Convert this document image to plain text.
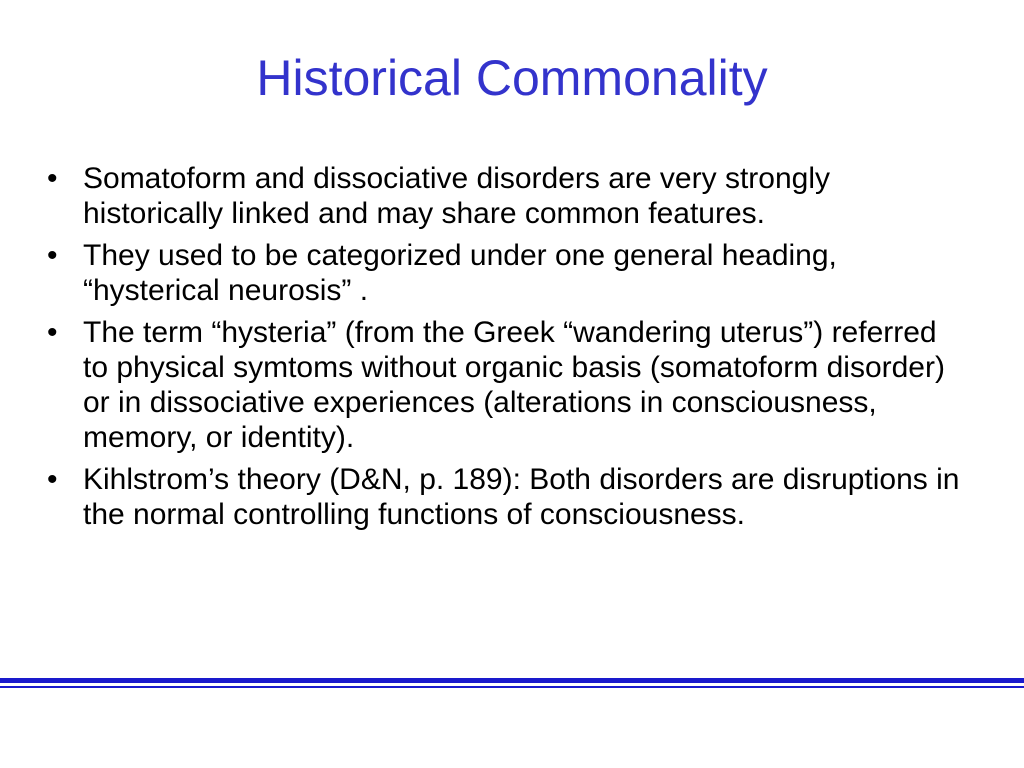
Historical Commonality
• Somatoform and dissociative disorders are very strongly historically linked and may share common features.
• They used to be categorized under one general heading, “hysterical neurosis” .
• The term “hysteria” (from the Greek “wandering uterus”) referred to physical symtoms without organic basis (somatoform disorder) or in dissociative experiences (alterations in consciousness, memory, or identity).
• Kihlstrom’s theory (D&N, p. 189): Both disorders are disruptions in the normal controlling functions of consciousness.
